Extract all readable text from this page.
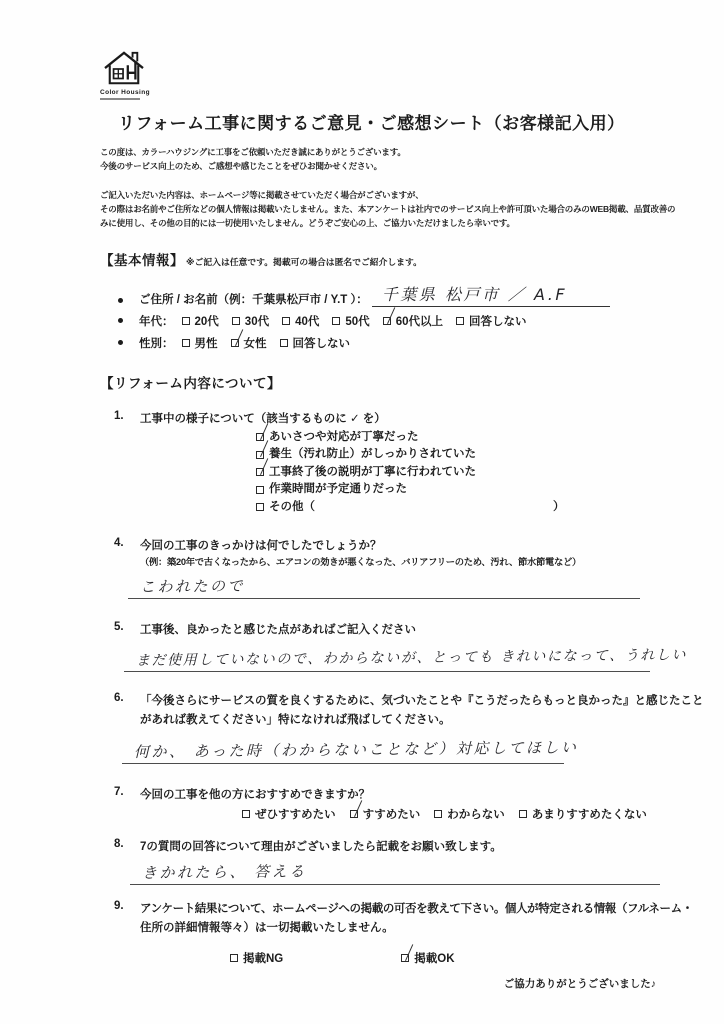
Color Housing
リフォーム工事に関するご意見・ご感想シート（お客様記入用）
この度は、カラーハウジングに工事をご依頼いただき誠にありがとうございます。
今後のサービス向上のため、ご感想や感じたことをぜひお聞かせください。
ご記入いただいた内容は、ホームページ等に掲載させていただく場合がございますが、
その際はお名前やご住所などの個人情報は掲載いたしません。また、本アンケートは社内でのサービス向上や許可頂いた場合のみのWEB掲載、品質改善の
みに使用し、その他の目的には一切使用いたしません。どうぞご安心の上、ご協力いただけましたら幸いです。
【基本情報】 ※ご記入は任意です。掲載可の場合は匿名でご紹介します。
ご住所 / お名前（例：千葉県松戸市 / Y.T ）： 千葉県 松戸市 ／ A.F
年代： 20代 30代 40代 50代 60代以上 回答しない
性別： 男性 女性 回答しない
【リフォーム内容について】
1.	工事中の様子について（該当するものに ✓ を）
あいさつや対応が丁寧だった
養生（汚れ防止）がしっかりされていた
工事終了後の説明が丁寧に行われていた
作業時間が予定通りだった
その他（	）
4.	今回の工事のきっかけは何でしたでしょうか？
（例：築20年で古くなったから、エアコンの効きが悪くなった、バリアフリーのため、汚れ、節水節電など）
こわれたので
5.	工事後、良かったと感じた点があればご記入ください
まだ使用していないので、わからないが、とっても きれいになって、うれしい
6.	「今後さらにサービスの質を良くするために、気づいたことや『こうだったらもっと良かった』と感じたこと
があれば教えてください」特になければ飛ばしてください。
何か、 あった時（わからないことなど）対応してほしい
7.	今回の工事を他の方におすすめできますか？
ぜひすすめたい すすめたい わからない あまりすすめたくない
8.	7の質問の回答について理由がございましたら記載をお願い致します。
きかれたら、 答える
9.	アンケート結果について、ホームページへの掲載の可否を教えて下さい。個人が特定される情報（フルネーム・
住所の詳細情報等々）は一切掲載いたしません。
掲載NG	掲載OK
ご協力ありがとうございました♪
